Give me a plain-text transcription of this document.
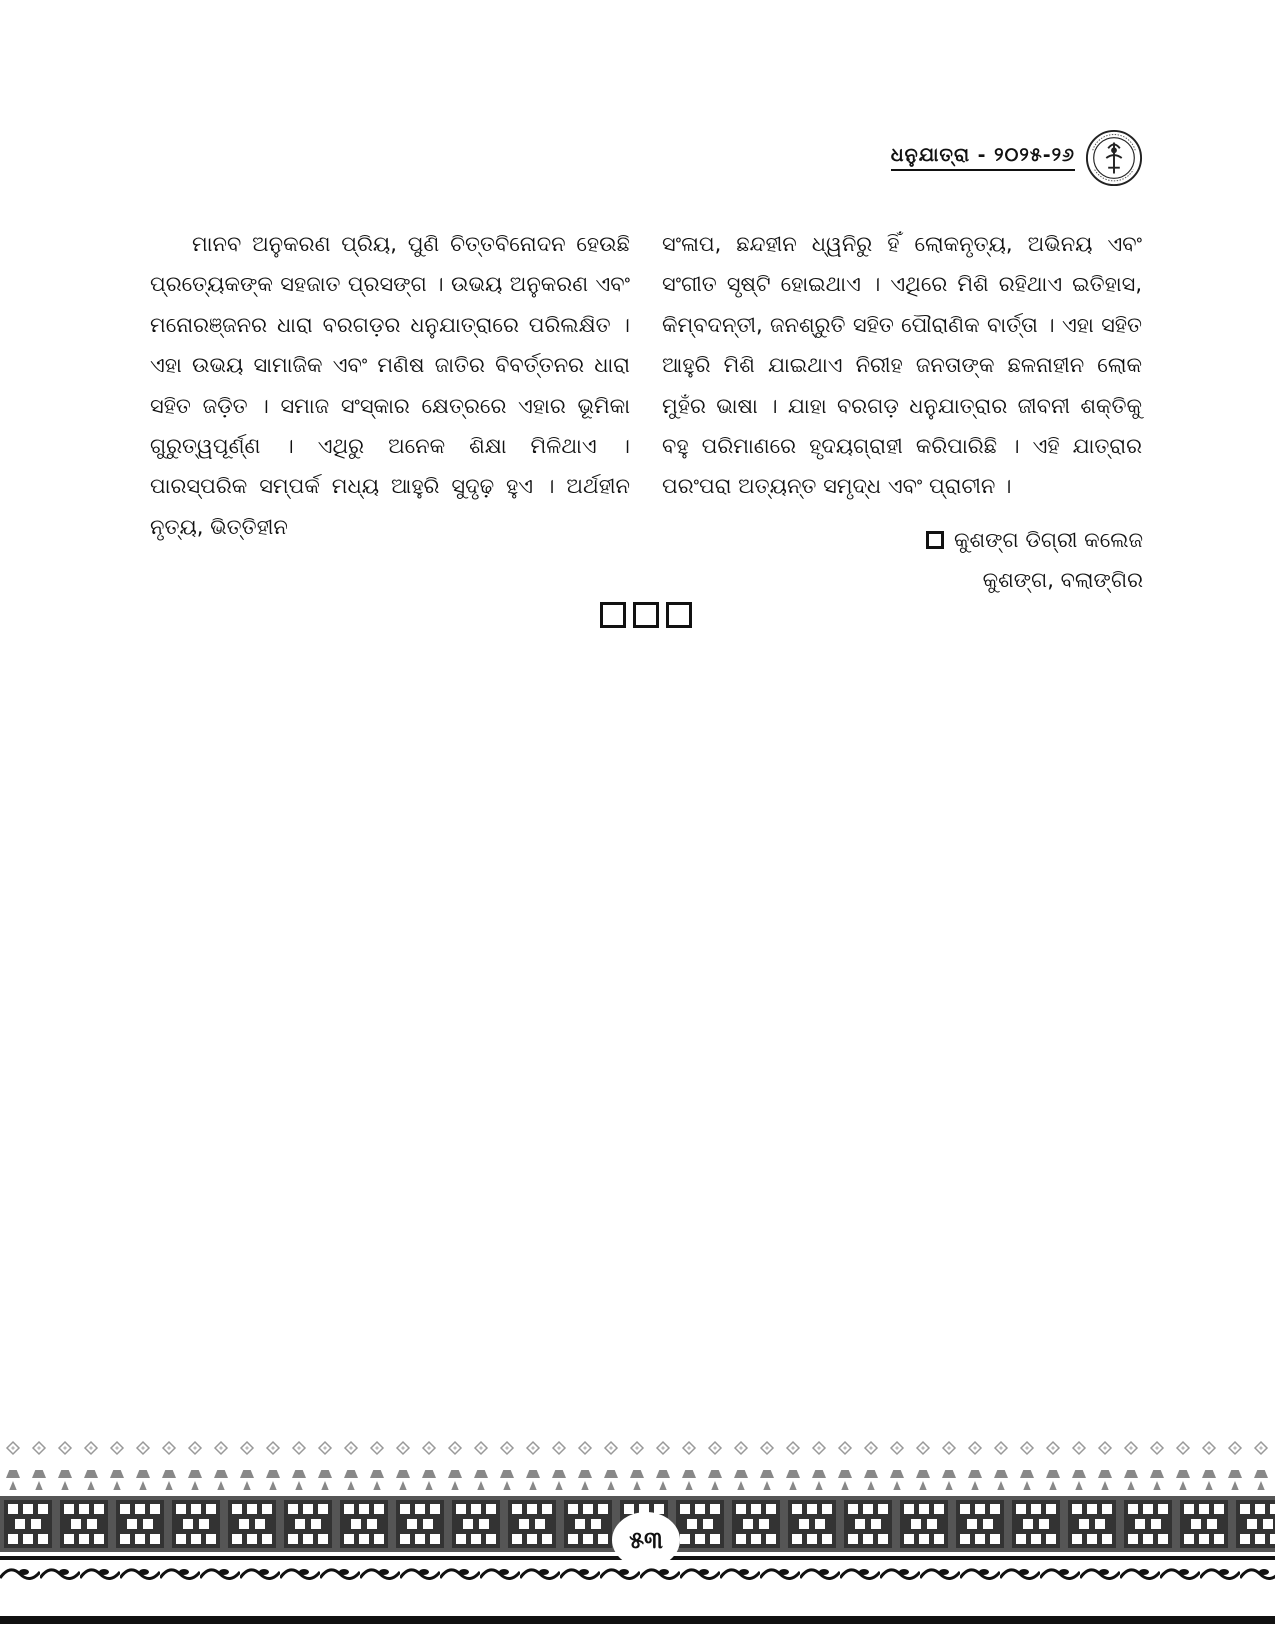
ଧନୁଯାତ୍ରା - ୨୦୨୫-୨୬

ମାନବ ଅନୁକରଣ ପ୍ରିୟ, ପୁଣି ଚିତ୍ତବିନୋଦନ ହେଉଛି ପ୍ରତ୍ୟେକଙ୍କ ସହଜାତ ପ୍ରସଙ୍ଗ । ଉଭୟ ଅନୁକରଣ ଏବଂ ମନୋରଞ୍ଜନର ଧାରା ବରଗଡ଼ର ଧନୁଯାତ୍ରାରେ ପରିଲକ୍ଷିତ । ଏହା ଉଭୟ ସାମାଜିକ ଏବଂ ମଣିଷ ଜାତିର ବିବର୍ତ୍ତନର ଧାରା ସହିତ ଜଡ଼ିତ । ସମାଜ ସଂସ୍କାର କ୍ଷେତ୍ରରେ ଏହାର ଭୂମିକା ଗୁରୁତ୍ୱପୂର୍ଣ୍ଣ । ଏଥିରୁ ଅନେକ ଶିକ୍ଷା ମିଳିଥାଏ । ପାରସ୍ପରିକ ସମ୍ପର୍କ ମଧ୍ୟ ଆହୁରି ସୁଦୃଢ଼ ହୁଏ । ଅର୍ଥହୀନ ନୃତ୍ୟ, ଭିତ୍ତିହୀନ

ସଂଳାପ, ଛନ୍ଦହୀନ ଧ୍ୱନିରୁ ହିଁ ଲୋକନୃତ୍ୟ, ଅଭିନୟ ଏବଂ ସଂଗୀତ ସୃଷ୍ଟି ହୋଇଥାଏ । ଏଥିରେ ମିଶି ରହିଥାଏ ଇତିହାସ, କିମ୍ବଦନ୍ତୀ, ଜନଶ୍ରୁତି ସହିତ ପୌରାଣିକ ବାର୍ତ୍ତା । ଏହା ସହିତ ଆହୁରି ମିଶି ଯାଇଥାଏ ନିରୀହ ଜନତାଙ୍କ ଛଳନାହୀନ ଲୋକ ମୁହଁର ଭାଷା । ଯାହା ବରଗଡ଼ ଧନୁଯାତ୍ରାର ଜୀବନୀ ଶକ୍ତିକୁ ବହୁ ପରିମାଣରେ ହୃଦୟଗ୍ରାହୀ କରିପାରିଛି । ଏହି ଯାତ୍ରାର ପରଂପରା ଅତ୍ୟନ୍ତ ସମୃଦ୍ଧ ଏବଂ ପ୍ରାଚୀନ ।

କୁଶଙ୍ଗ ଡିଗ୍ରୀ କଲେଜ
କୁଶଙ୍ଗ, ବଲାଙ୍ଗିର
୫୩
